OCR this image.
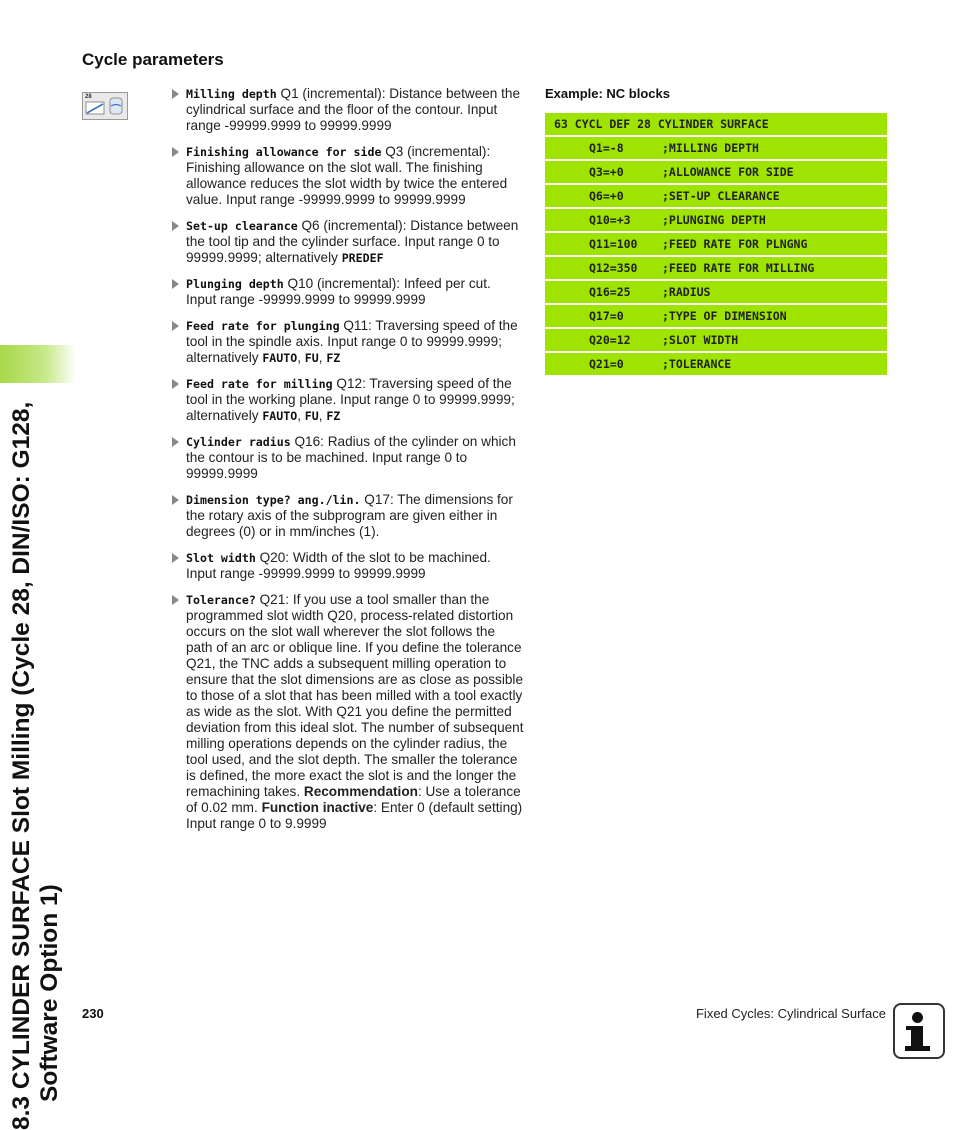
8.3 CYLINDER SURFACE Slot Milling (Cycle 28, DIN/ISO: G128, Software Option 1)
Cycle parameters
28	Milling depth Q1 (incremental): Distance between the cylindrical surface and the floor of the contour. Input range -99999.9999 to 99999.9999
Finishing allowance for side Q3 (incremental): Finishing allowance on the slot wall. The finishing allowance reduces the slot width by twice the entered value. Input range -99999.9999 to 99999.9999
Set-up clearance Q6 (incremental): Distance between the tool tip and the cylinder surface. Input range 0 to 99999.9999; alternatively PREDEF
Plunging depth Q10 (incremental): Infeed per cut. Input range -99999.9999 to 99999.9999
Feed rate for plunging Q11: Traversing speed of the tool in the spindle axis. Input range 0 to 99999.9999; alternatively FAUTO, FU, FZ
Feed rate for milling Q12: Traversing speed of the tool in the working plane. Input range 0 to 99999.9999; alternatively FAUTO, FU, FZ
Cylinder radius Q16: Radius of the cylinder on which the contour is to be machined. Input range 0 to 99999.9999
Dimension type? ang./lin. Q17: The dimensions for the rotary axis of the subprogram are given either in degrees (0) or in mm/inches (1).
Slot width Q20: Width of the slot to be machined. Input range -99999.9999 to 99999.9999
Tolerance? Q21: If you use a tool smaller than the programmed slot width Q20, process-related distortion occurs on the slot wall wherever the slot follows the path of an arc or oblique line. If you define the tolerance Q21, the TNC adds a subsequent milling operation to ensure that the slot dimensions are as close as possible to those of a slot that has been milled with a tool exactly as wide as the slot. With Q21 you define the permitted deviation from this ideal slot. The number of subsequent milling operations depends on the cylinder radius, the tool used, and the slot depth. The smaller the tolerance is defined, the more exact the slot is and the longer the remachining takes. Recommendation: Use a tolerance of 0.02 mm. Function inactive: Enter 0 (default setting) Input range 0 to 9.9999
Example: NC blocks
63 CYCL DEF 28 CYLINDER SURFACE
Q1=-8	;MILLING DEPTH
Q3=+0	;ALLOWANCE FOR SIDE
Q6=+0	;SET-UP CLEARANCE
Q10=+3	;PLUNGING DEPTH
Q11=100 ;FEED RATE FOR PLNGNG
Q12=350 ;FEED RATE FOR MILLING
Q16=25	;RADIUS
Q17=0	;TYPE OF DIMENSION
Q20=12	;SLOT WIDTH
Q21=0	;TOLERANCE
230	Fixed Cycles: Cylindrical Surface
